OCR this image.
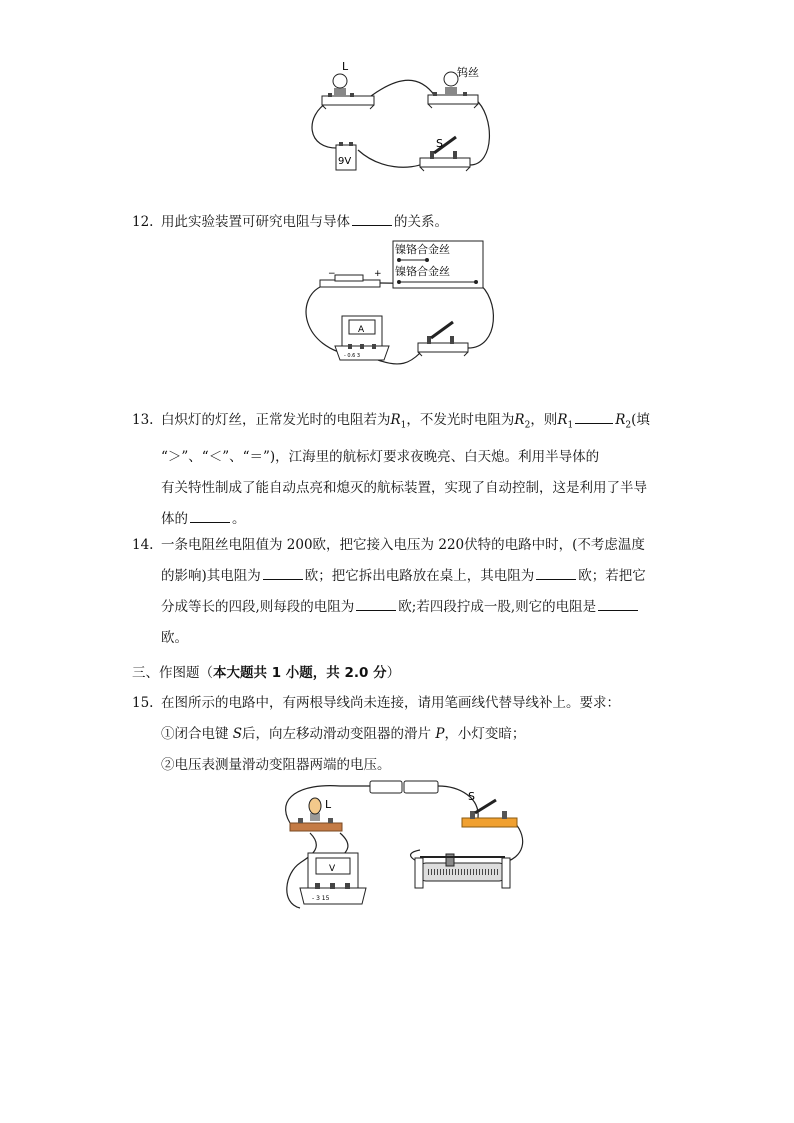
L	钨丝
S
9V
12. 用此实验装置可研究电阻与导体	的关系。
−	+
镍铬合金丝
镍铬合金丝
A
- 0.6 3
13. 白炽灯的灯丝，正常发光时的电阻若为$R_1$，不发光时电阻为$R_2$，则$R_1$	$R_2$(填
“＞”、“＜”、“＝”)，江海里的航标灯要求夜晚亮、白天熄。利用半导体的
有关特性制成了能自动点亮和熄灭的航标装置，实现了自动控制，这是利用了半导
体的	。
14. 一条电阻丝电阻值为 200欧，把它接入电压为 220伏特的电路中时，(不考虑温度
的影响)其电阻为	欧；把它拆出电路放在桌上，其电阻为	欧；若把它
分成等长的四段,则每段的电阻为	欧;若四段拧成一股,则它的电阻是
欧。
三、作图题（本大题共 1 小题，共 2.0 分）
15. 在图所示的电路中，有两根导线尚未连接，请用笔画线代替导线补上。要求：
①闭合电键 S后，向左移动滑动变阻器的滑片 P，小灯变暗；
②电压表测量滑动变阻器两端的电压。
L
S
V
- 3 15
